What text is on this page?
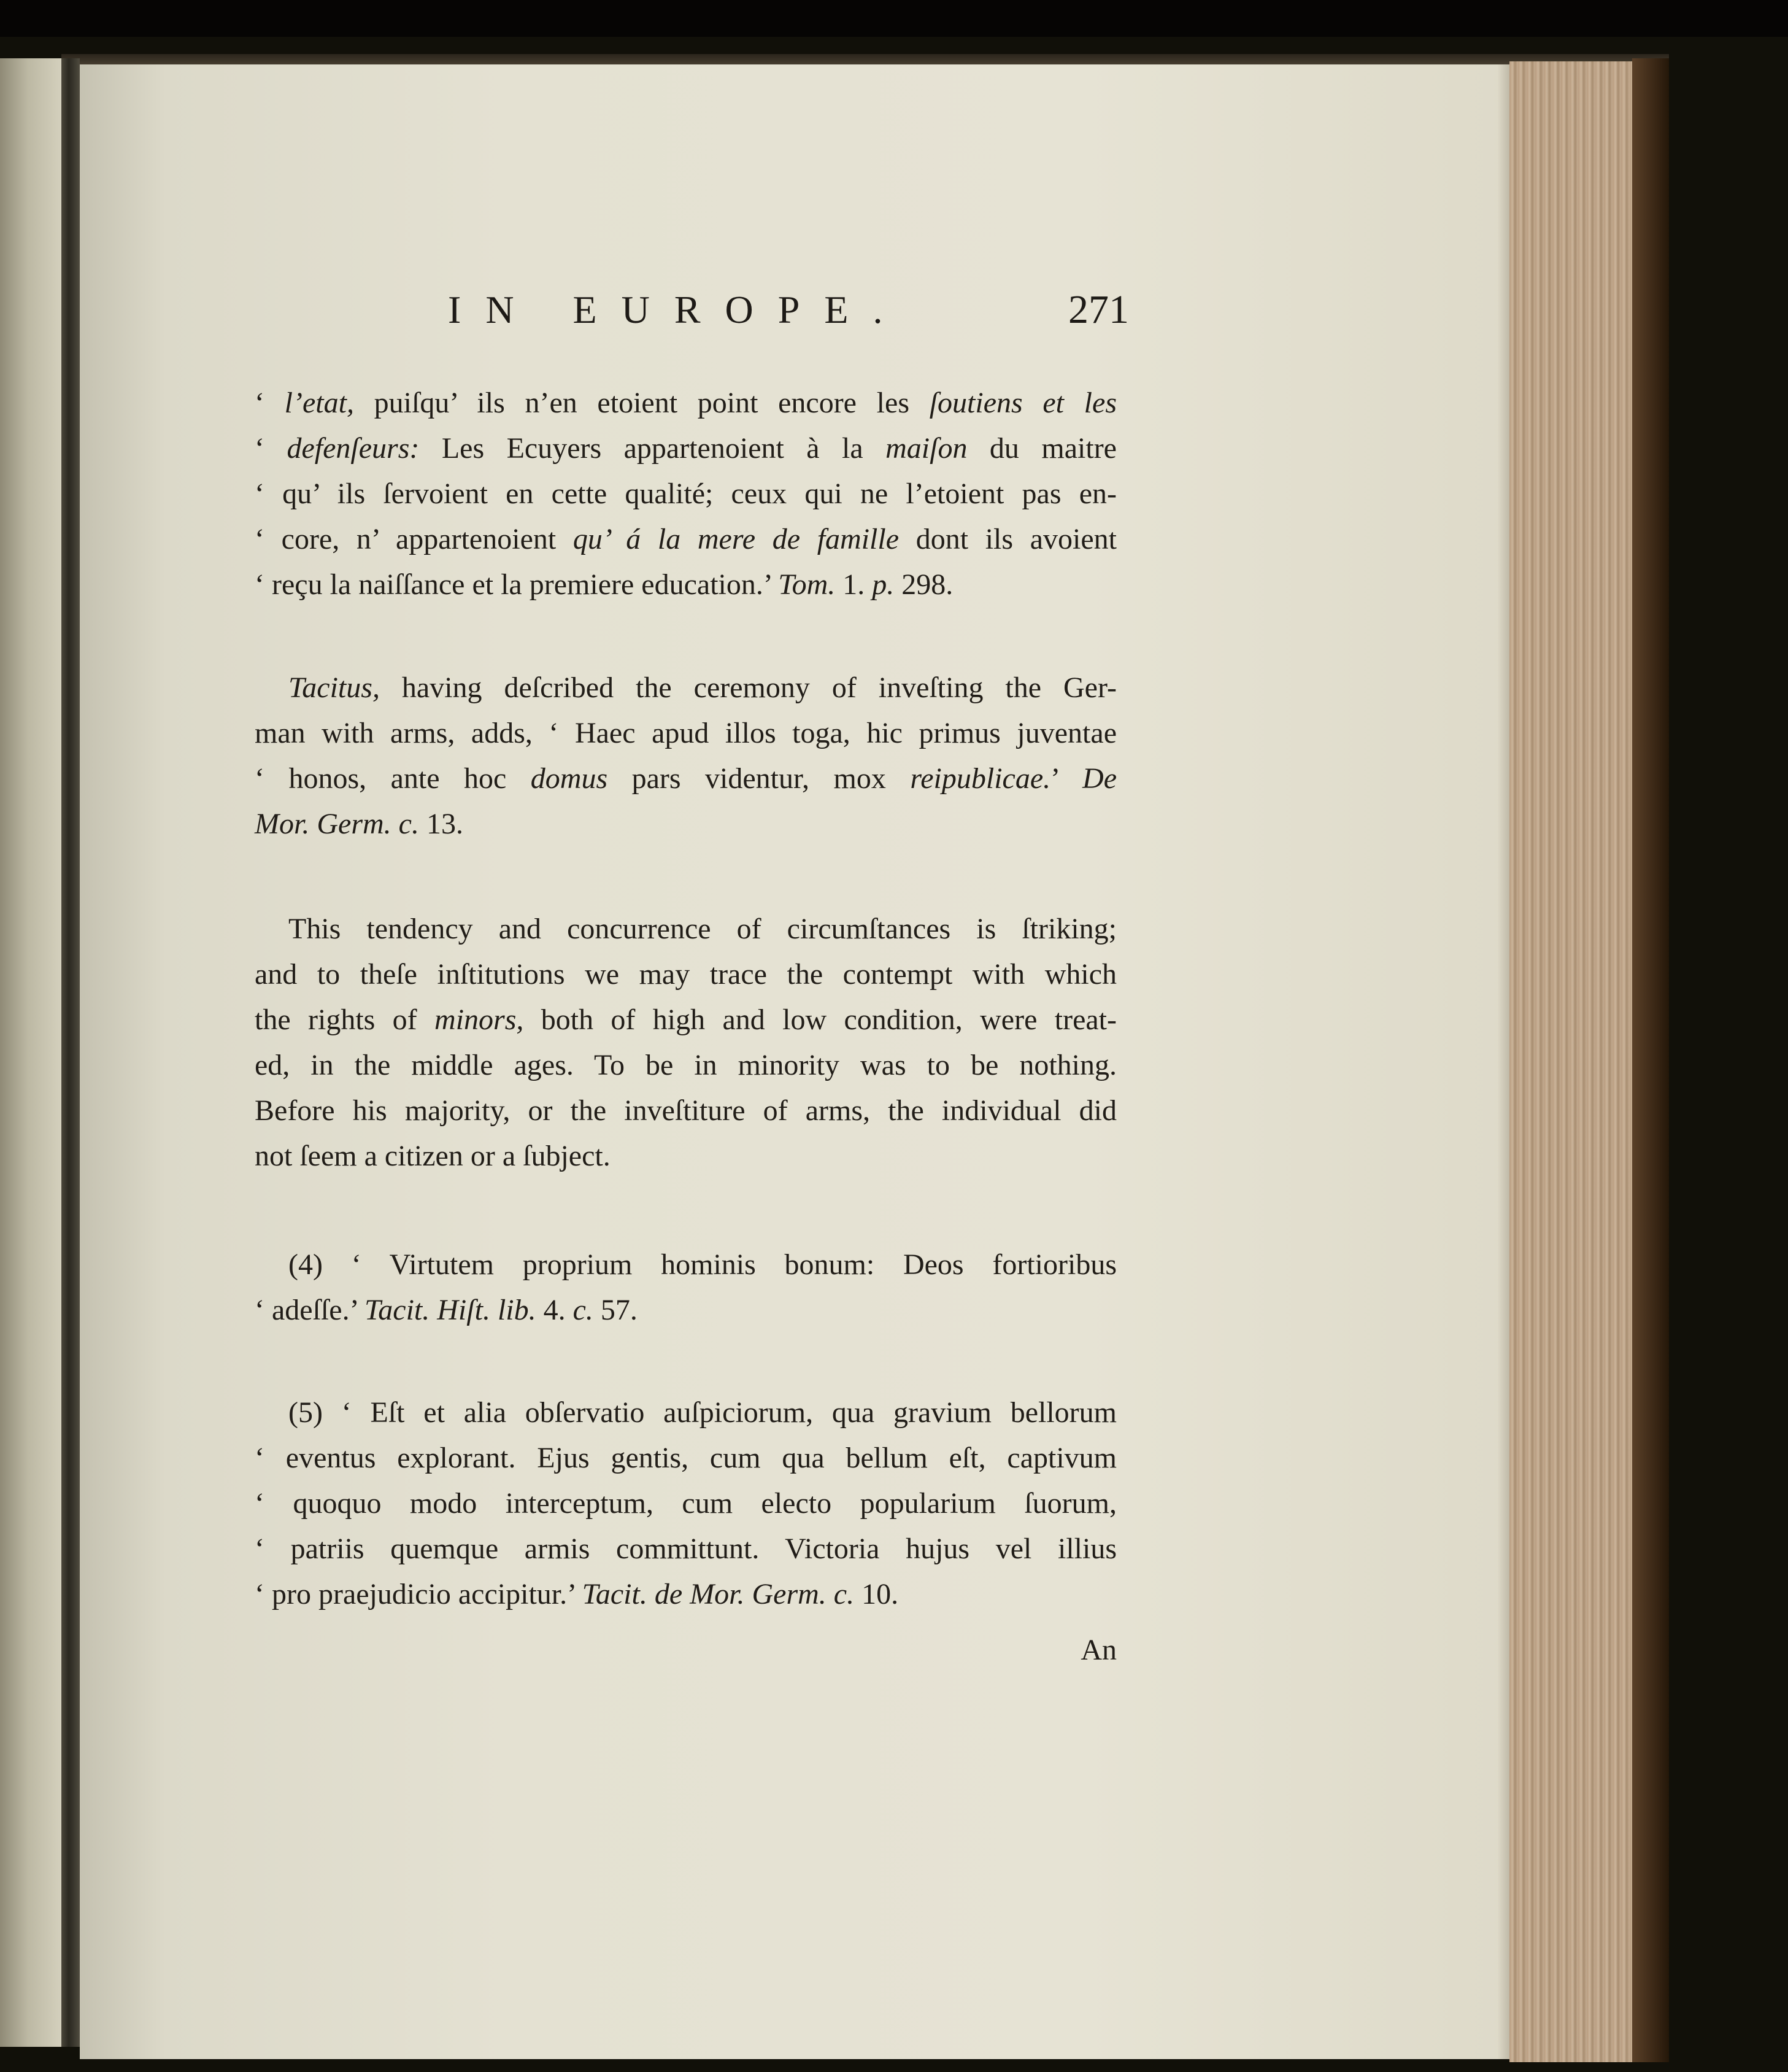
IN EUROPE.	271
‘ l’etat, puiſqu’ ils n’en etoient point encore les ſoutiens et les
‘ defenſeurs: Les Ecuyers appartenoient à la maiſon du maitre
‘ qu’ ils ſervoient en cette qualité; ceux qui ne l’etoient pas en-
‘ core, n’ appartenoient qu’ á la mere de famille dont ils avoient
‘ reçu la naiſſance et la premiere education.’ Tom. 1. p. 298.
Tacitus, having deſcribed the ceremony of inveſting the Ger-
man with arms, adds, ‘ Haec apud illos toga, hic primus juventae
‘ honos, ante hoc domus pars videntur, mox reipublicae.’ De
Mor. Germ. c. 13.
This tendency and concurrence of circumſtances is ſtriking;
and to theſe inſtitutions we may trace the contempt with which
the rights of minors, both of high and low condition, were treat-
ed, in the middle ages. To be in minority was to be nothing.
Before his majority, or the inveſtiture of arms, the individual did
not ſeem a citizen or a ſubject.
(4) ‘ Virtutem proprium hominis bonum: Deos fortioribus
‘ adeſſe.’ Tacit. Hiſt. lib. 4. c. 57.
(5) ‘ Eſt et alia obſervatio auſpiciorum, qua gravium bellorum
‘ eventus explorant. Ejus gentis, cum qua bellum eſt, captivum
‘ quoquo modo interceptum, cum electo popularium ſuorum,
‘ patriis quemque armis committunt. Victoria hujus vel illius
‘ pro praejudicio accipitur.’ Tacit. de Mor. Germ. c. 10.
An
